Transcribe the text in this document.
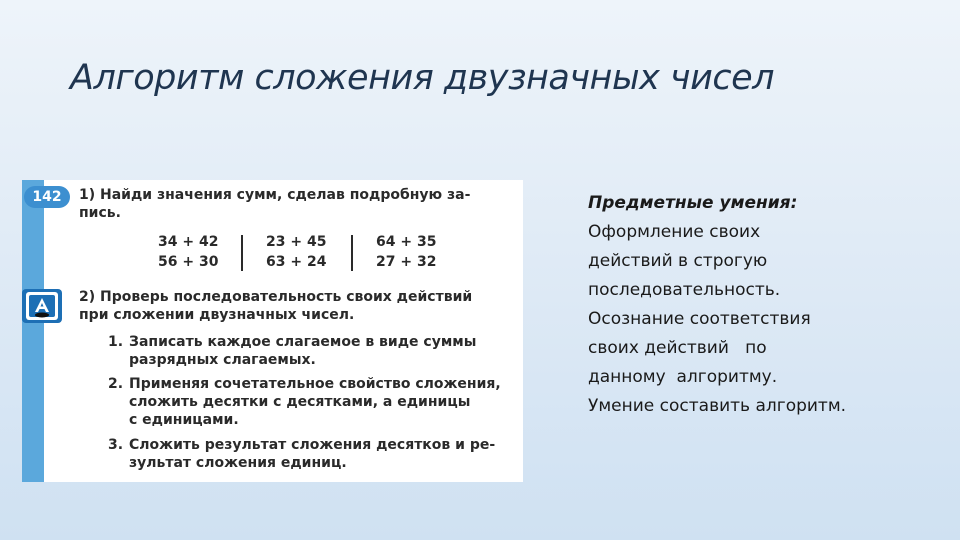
Алгоритм сложения двузначных чисел
142	1) Найди значения сумм, сделав подробную за-
пись.
34 + 42
56 + 30
23 + 45
63 + 24
64 + 35
27 + 32
2) Проверь последовательность своих действий
при сложении двузначных чисел.
1. Записать каждое слагаемое в виде суммы
разрядных слагаемых.
2. Применяя сочетательное свойство сложения,
сложить десятки с десятками, а единицы
с единицами.
3. Сложить результат сложения десятков и ре-
зультат сложения единиц.
Предметные умения:
Оформление своих
действий в строгую
последовательность.
Осознание соответствия
своих действий   по
данному  алгоритму.
Умение составить алгоритм.
